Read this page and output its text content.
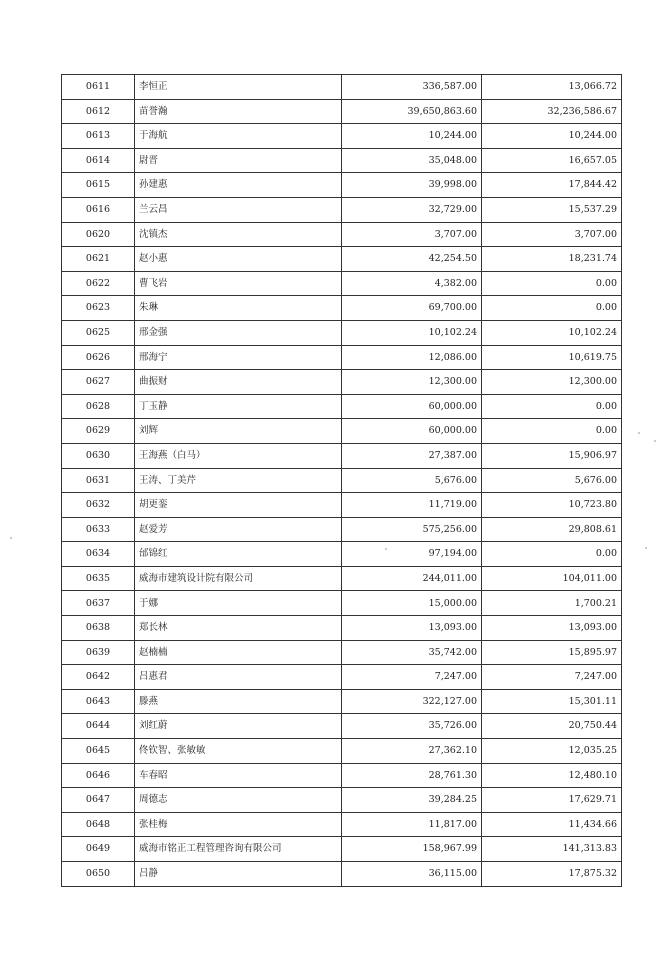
0611	李恒正	336,587.00	13,066.72
0612	苗誉瀚	39,650,863.60	32,236,586.67
0613	于海航	10,244.00	10,244.00
0614	尉晋	35,048.00	16,657.05
0615	孙建惠	39,998.00	17,844.42
0616	兰云昌	32,729.00	15,537.29
0620	沈镇杰	3,707.00	3,707.00
0621	赵小惠	42,254.50	18,231.74
0622	曹飞岩	4,382.00	0.00
0623	朱琳	69,700.00	0.00
0625	邢金强	10,102.24	10,102.24
0626	邢海宁	12,086.00	10,619.75
0627	曲振财	12,300.00	12,300.00
0628	丁玉静	60,000.00	0.00
0629	刘辉	60,000.00	0.00
0630	王海燕（白马）	27,387.00	15,906.97
0631	王涛、丁美芹	5,676.00	5,676.00
0632	胡更銮	11,719.00	10,723.80
0633	赵爱芳	575,256.00	29,808.61
0634	邰锦红	97,194.00	0.00
0635	威海市建筑设计院有限公司	244,011.00	104,011.00
0637	于娜	15,000.00	1,700.21
0638	郑长林	13,093.00	13,093.00
0639	赵楠楠	35,742.00	15,895.97
0642	吕惠君	7,247.00	7,247.00
0643	滕燕	322,127.00	15,301.11
0644	刘红蔚	35,726.00	20,750.44
0645	佟钦智、张敏敏	27,362.10	12,035.25
0646	车春昭	28,761.30	12,480.10
0647	周德志	39,284.25	17,629.71
0648	张桂梅	11,817.00	11,434.66
0649	威海市铭正工程管理咨询有限公司	158,967.99	141,313.83
0650	吕静	36,115.00	17,875.32
